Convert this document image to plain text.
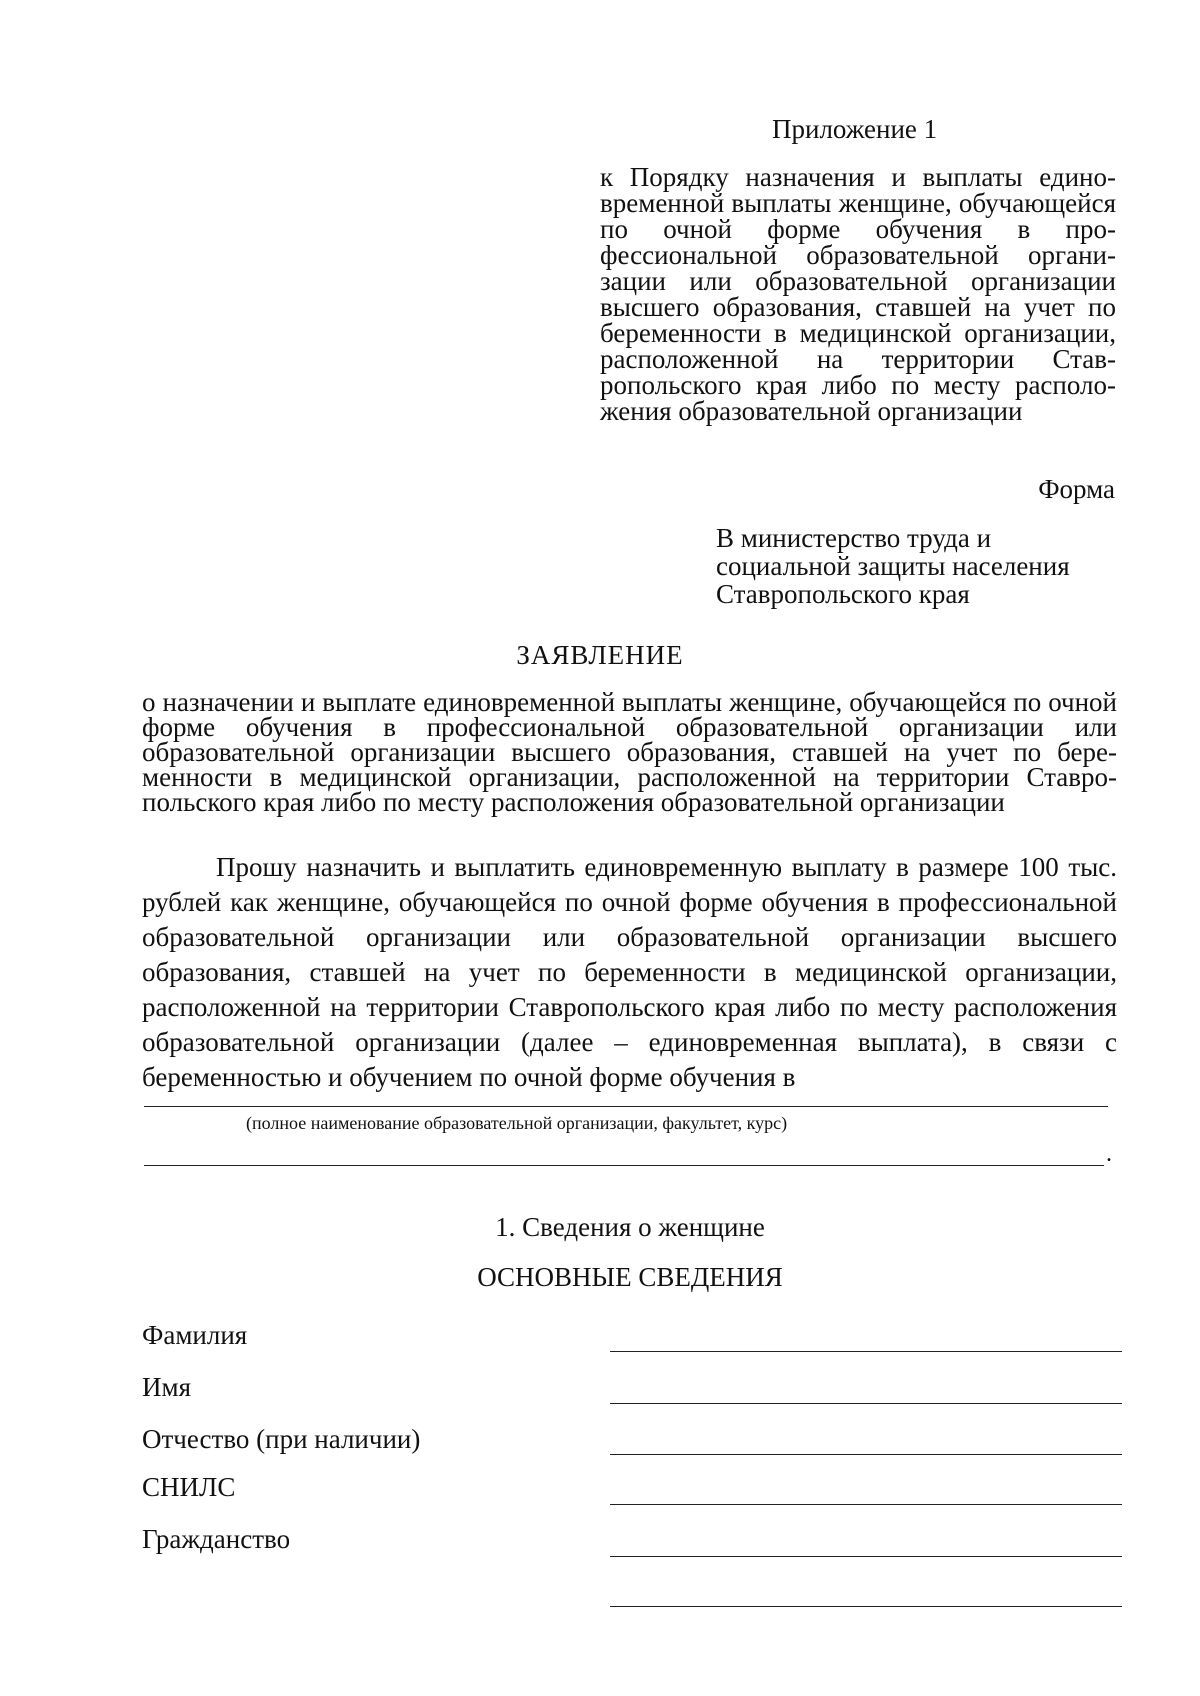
Приложение 1
к Порядку назначения и выплаты единовременной выплаты женщине, обучающейся по очной форме обучения в профессиональной образовательной организации или образовательной организации высшего образования, ставшей на учет по беременности в медицинской организации, расположенной на территории Ставропольского края либо по месту расположения образовательной организации
Форма
В министерство труда и
социальной защиты населения
Ставропольского края
ЗАЯВЛЕНИЕ
о назначении и выплате единовременной выплаты женщине, обучающейся по очной форме обучения в профессиональной образовательной организации или образовательной организации высшего образования, ставшей на учет по беременности в медицинской организации, расположенной на территории Ставропольского края либо по месту расположения образовательной организации
Прошу назначить и выплатить единовременную выплату в размере 100 тыс. рублей как женщине, обучающейся по очной форме обучения в профессиональной образовательной организации или образовательной организации высшего образования, ставшей на учет по беременности в медицинской организации, расположенной на территории Ставропольского края либо по месту расположения образовательной организации (далее – единовременная выплата), в связи с беременностью и обучением по очной форме обучения в
(полное наименование образовательной организации, факультет, курс)
.
1. Сведения о женщине
ОСНОВНЫЕ СВЕДЕНИЯ
Фамилия
Имя
Отчество (при наличии)
СНИЛС
Гражданство
